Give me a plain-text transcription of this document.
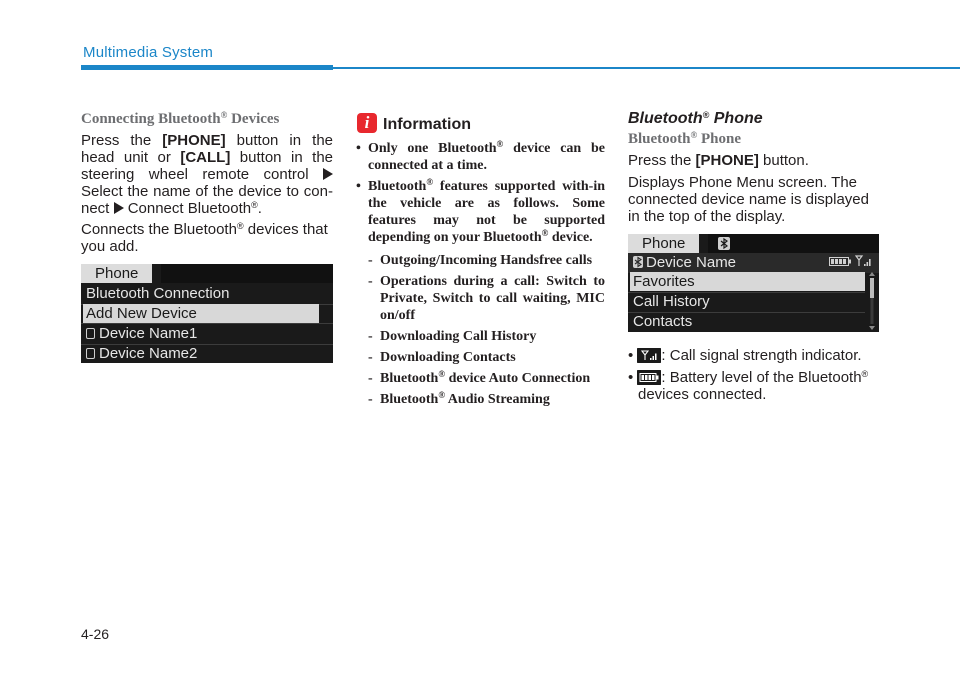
Multimedia System
Connecting Bluetooth® Devices
Press the [PHONE] button in the head unit or [CALL] button in the steering wheel remote control  Select the name of the device to con-nect  Connect Bluetooth®.
Connects the Bluetooth® devices that you add.
Phone
Bluetooth Connection
Add New Device
Device Name1
Device Name2
i Information
• Only one Bluetooth® device can be connected at a time.
• Bluetooth® features supported with-in the vehicle are as follows. Some features may not be supported depending on your Bluetooth® device.
- Outgoing/Incoming Handsfree calls
- Operations during a call: Switch to Private, Switch to call waiting, MIC on/off
- Downloading Call History
- Downloading Contacts
- Bluetooth® device Auto Connection
- Bluetooth® Audio Streaming
Bluetooth® Phone
Bluetooth® Phone
Press the [PHONE] button.
Displays Phone Menu screen. The connected device name is displayed in the top of the display.
Phone
Device Name
Favorites
Call History
Contacts
• : Call signal strength indicator.
• : Battery level of the Bluetooth® devices connected.
4-26
